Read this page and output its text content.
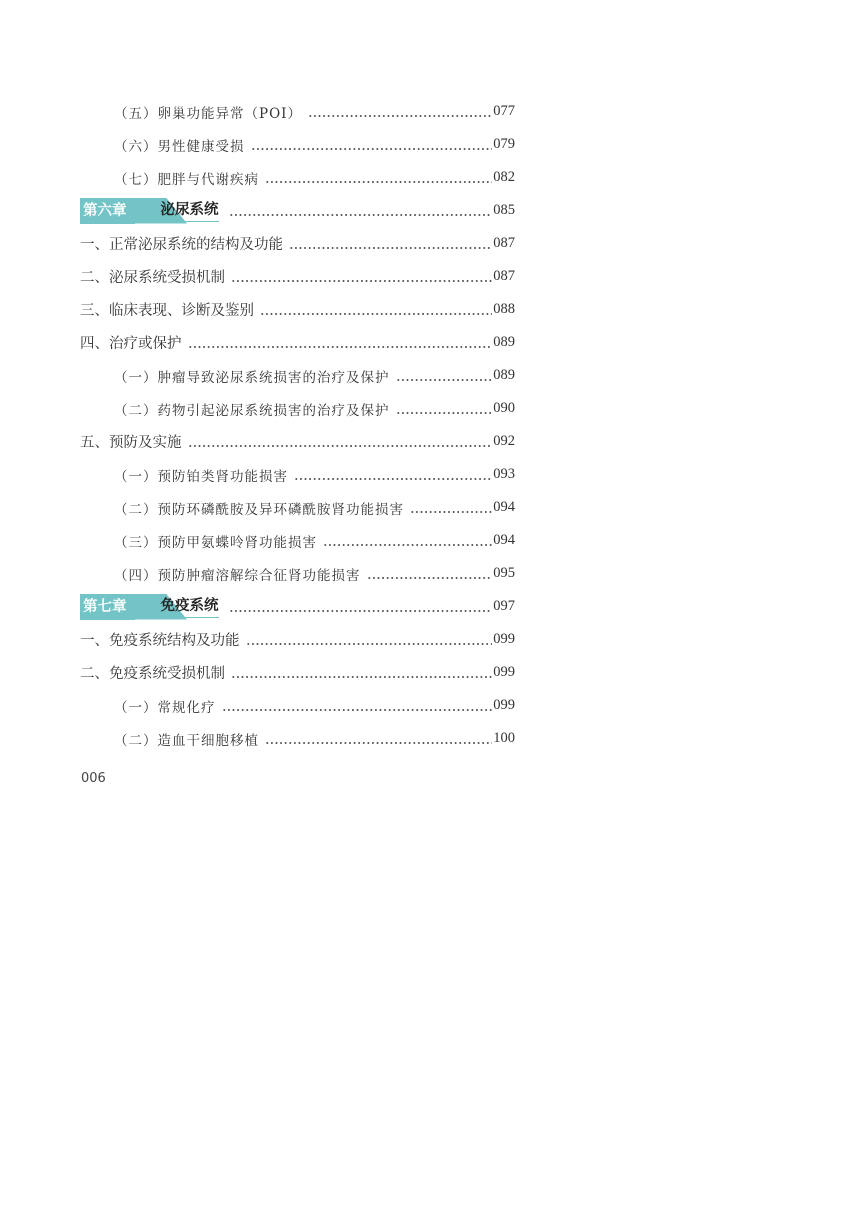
（五）卵巢功能异常（POI）	077
（六）男性健康受损	079
（七）肥胖与代谢疾病	082
第六章	泌尿系统	085
一、正常泌尿系统的结构及功能	087
二、泌尿系统受损机制	087
三、临床表现、诊断及鉴别	088
四、治疗或保护	089
（一）肿瘤导致泌尿系统损害的治疗及保护	089
（二）药物引起泌尿系统损害的治疗及保护	090
五、预防及实施	092
（一）预防铂类肾功能损害	093
（二）预防环磷酰胺及异环磷酰胺肾功能损害	094
（三）预防甲氨蝶呤肾功能损害	094
（四）预防肿瘤溶解综合征肾功能损害	095
第七章	免疫系统	097
一、免疫系统结构及功能	099
二、免疫系统受损机制	099
（一）常规化疗	099
（二）造血干细胞移植	100
006
